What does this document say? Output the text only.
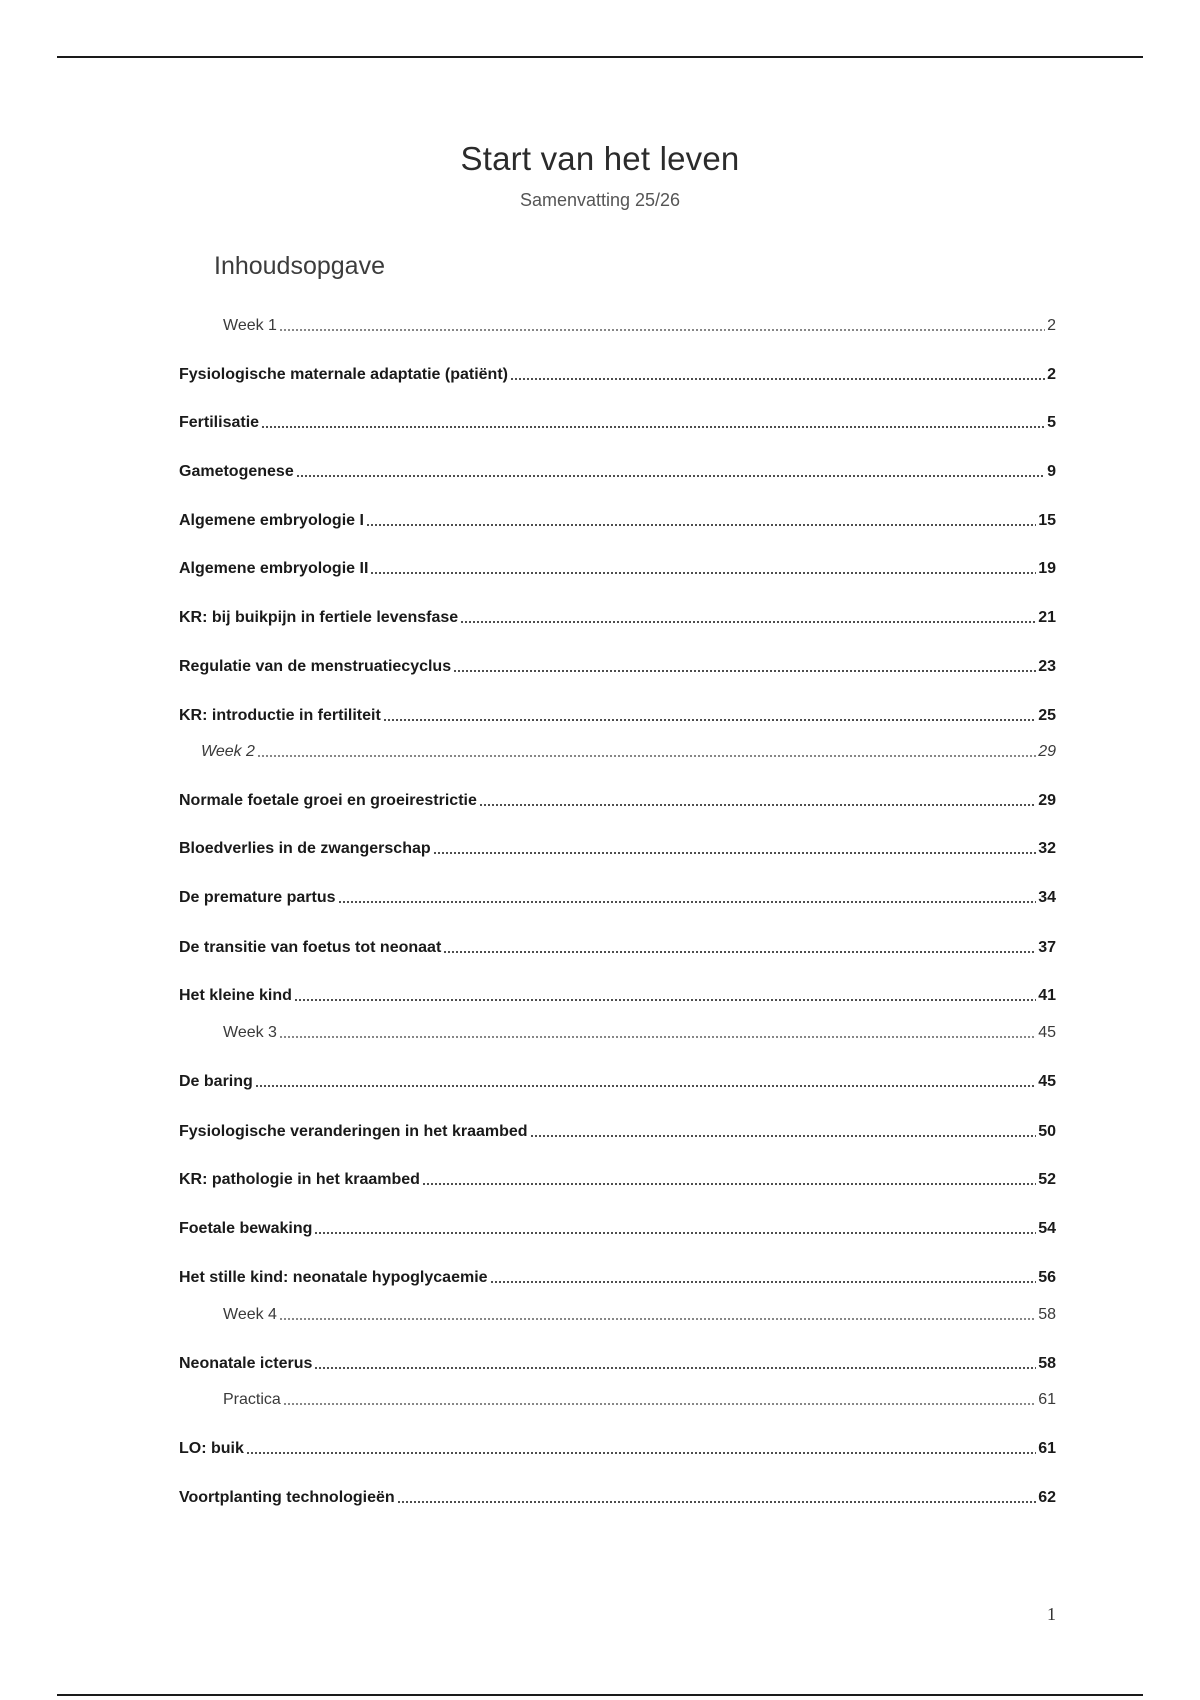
Start van het leven
Samenvatting 25/26
Inhoudsopgave
Week 1	2
Fysiologische maternale adaptatie (patiënt)	2
Fertilisatie	5
Gametogenese	9
Algemene embryologie I	15
Algemene embryologie II	19
KR: bij buikpijn in fertiele levensfase	21
Regulatie van de menstruatiecyclus	23
KR: introductie in fertiliteit	25
Week 2	29
Normale foetale groei en groeirestrictie	29
Bloedverlies in de zwangerschap	32
De premature partus	34
De transitie van foetus tot neonaat	37
Het kleine kind	41
Week 3	45
De baring	45
Fysiologische veranderingen in het kraambed	50
KR: pathologie in het kraambed	52
Foetale bewaking	54
Het stille kind: neonatale hypoglycaemie	56
Week 4	58
Neonatale icterus	58
Practica	61
LO: buik	61
Voortplanting technologieën	62
1
